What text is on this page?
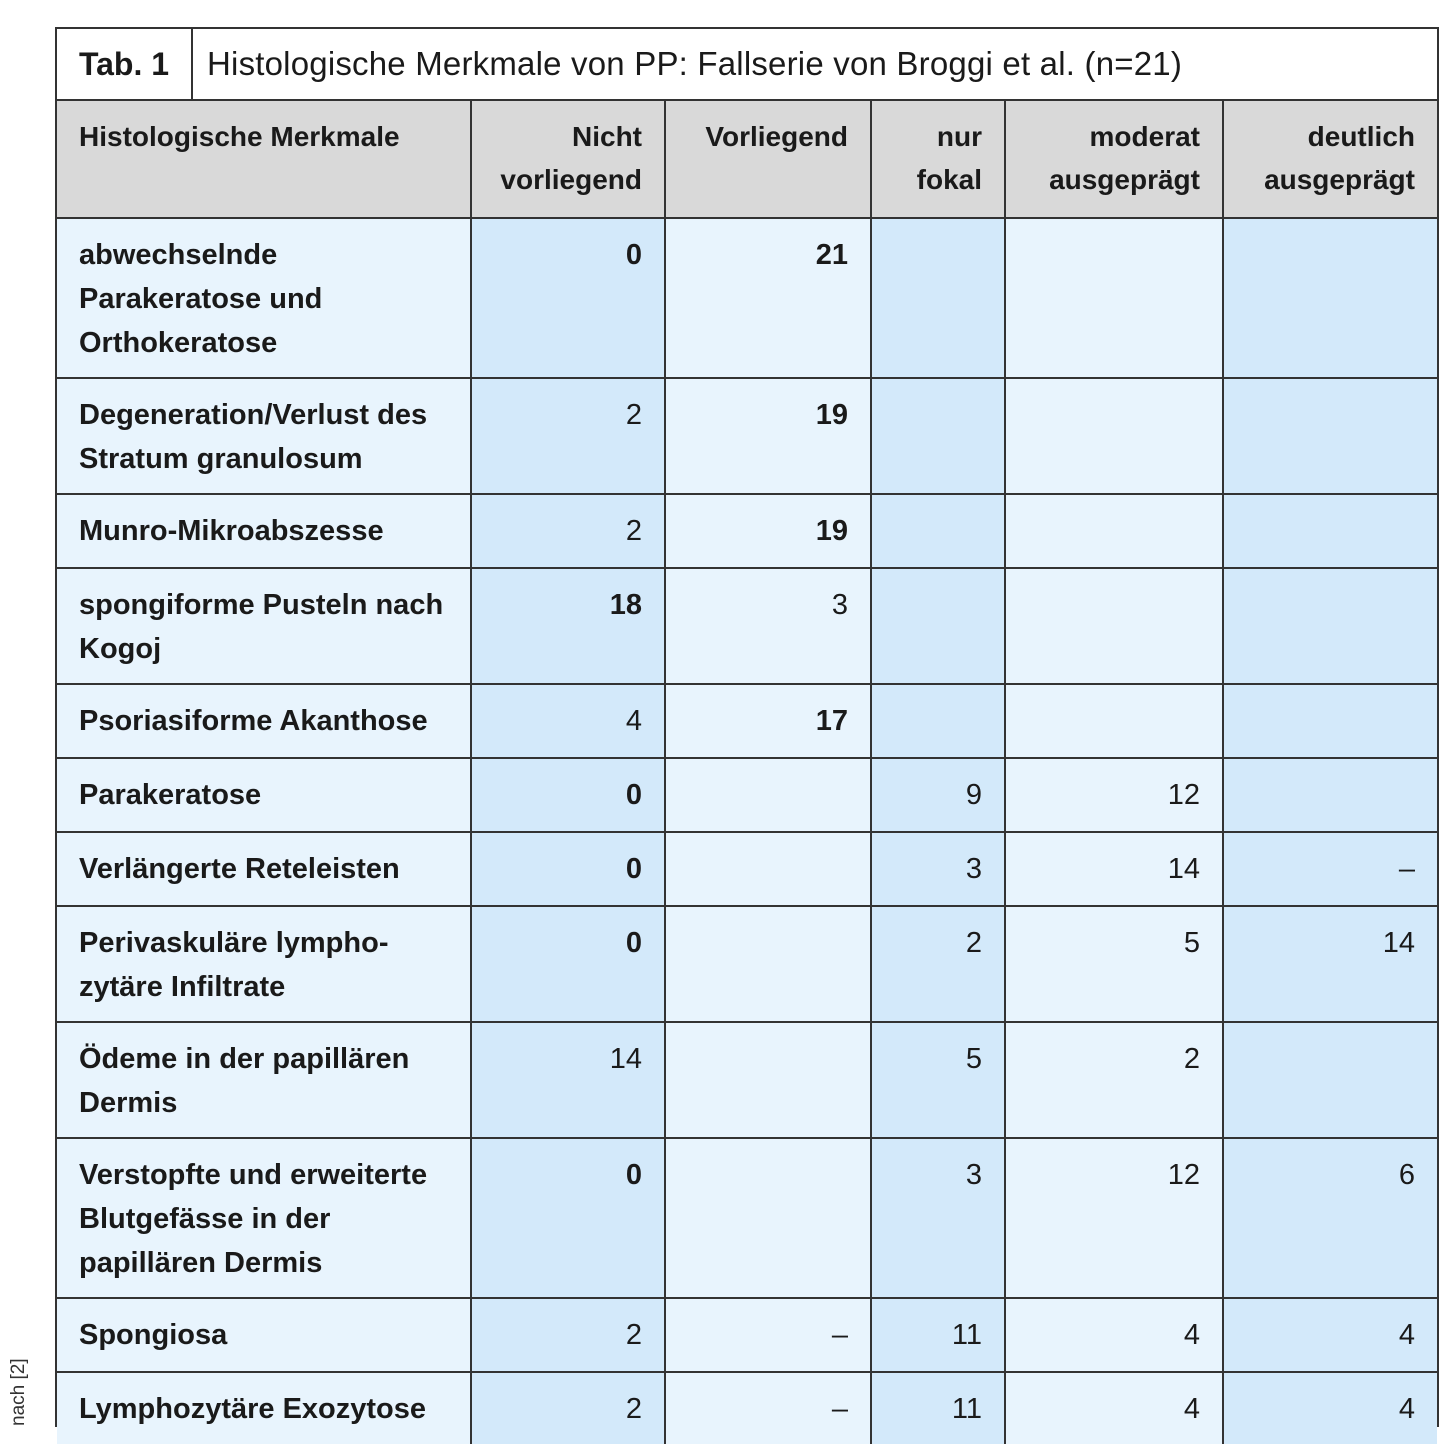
Tab. 1	Histologische Merkmale von PP: Fallserie von Broggi et al. (n=21)
Histologische Merkmale	Nicht vorliegend	Vorliegend	nur fokal	moderat ausgeprägt	deutlich ausgeprägt
abwechselnde Parakeratose und Orthokeratose	0	21			
Degeneration/Verlust des Stratum granulosum	2	19			
Munro-Mikroabszesse	2	19			
spongiforme Pusteln nach Kogoj	18	3			
Psoriasiforme Akanthose	4	17			
Parakeratose	0		9	12	
Verlängerte Reteleisten	0		3	14	–
Perivaskuläre lympho- zytäre Infiltrate	0		2	5	14
Ödeme in der papillären Dermis	14		5	2	
Verstopfte und erweiterte Blutgefässe in der papillären Dermis	0		3	12	6
Spongiosa	2	–	11	4	4
Lymphozytäre Exozytose	2	–	11	4	4
nach [2]
